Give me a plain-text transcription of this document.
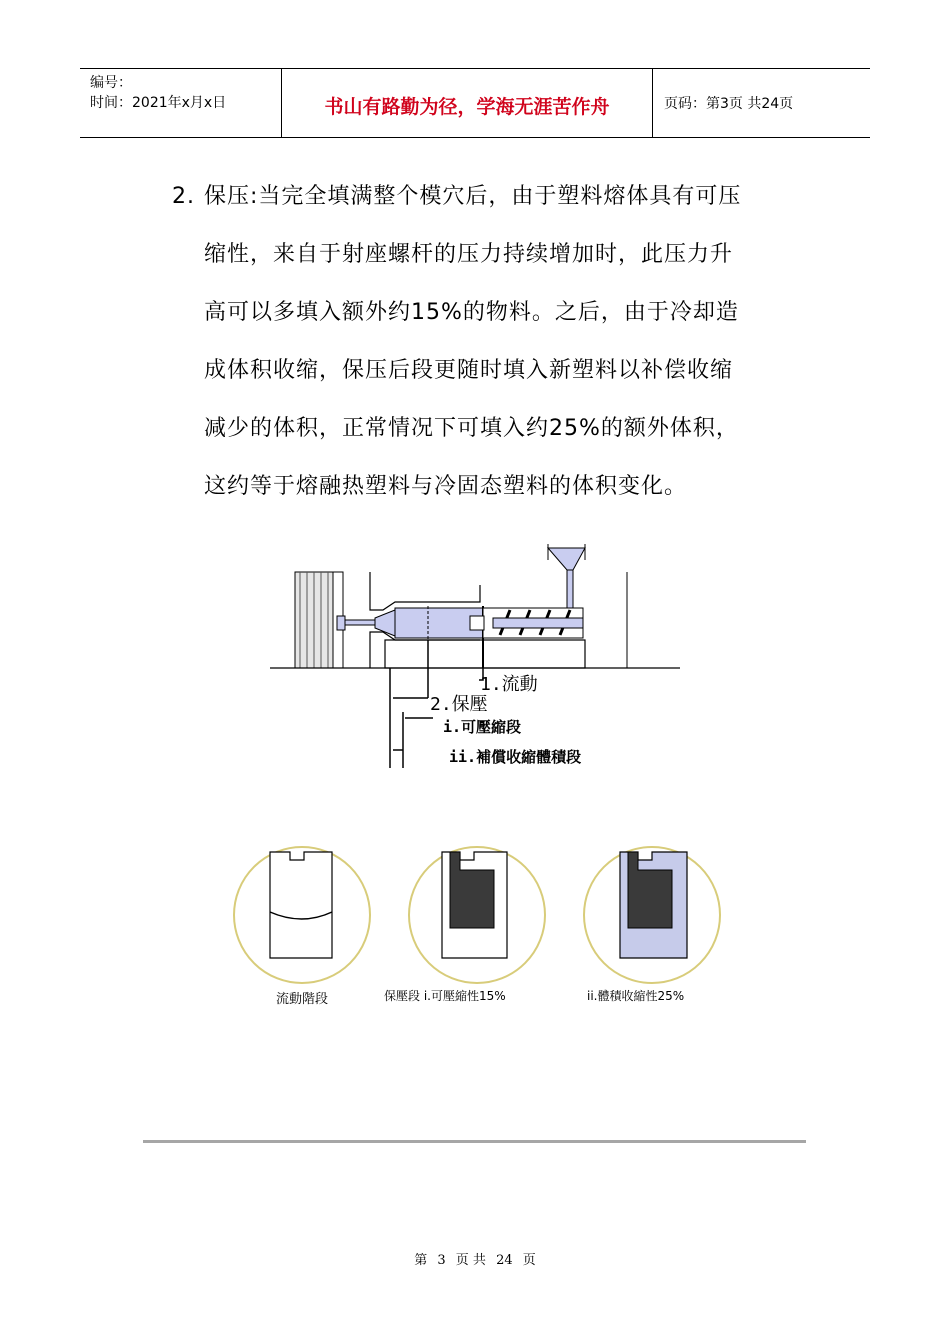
编号：
时间：2021年x月x日	书山有路勤为径，学海无涯苦作舟	页码：第3页 共24页
2. 保压:当完全填满整个模穴后，由于塑料熔体具有可压
缩性，来自于射座螺杆的压力持续增加时，此压力升
高可以多填入额外约15%的物料。之后，由于冷却造
成体积收缩，保压后段更随时填入新塑料以补偿收缩
减少的体积，正常情况下可填入约25%的额外体积，
这约等于熔融热塑料与冷固态塑料的体积变化。
1.流動
2.保壓
i.可壓縮段
ii.補償收縮體積段
流動階段	保壓段 i.可壓縮性15%	ii.體積收縮性25%
第 3 页 共 24 页
